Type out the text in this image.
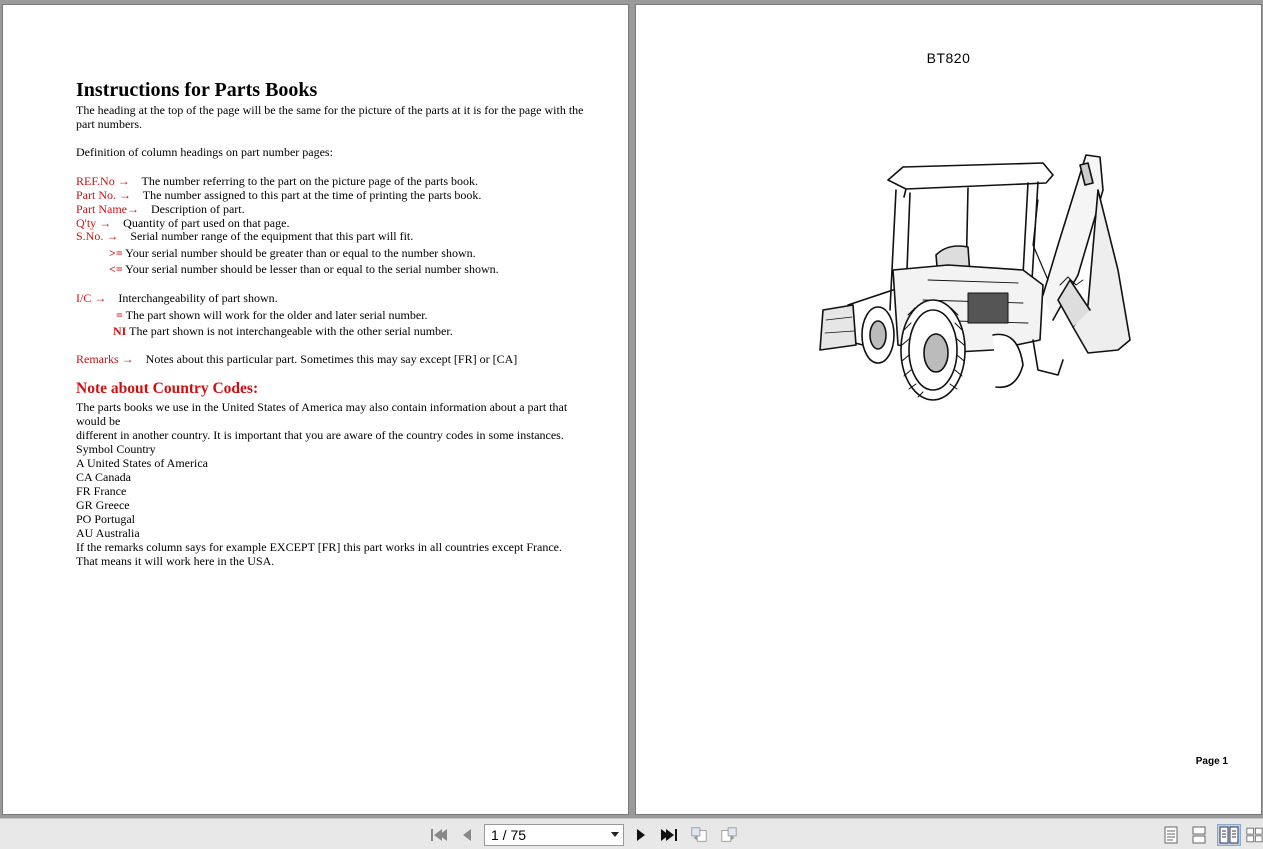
Instructions for Parts Books
The heading at the top of the page will be the same for the picture of the parts at it is for the page with the part numbers.
Definition of column headings on part number pages:
REF.No → The number referring to the part on the picture page of the parts book.
Part No. → The number assigned to this part at the time of printing the parts book.
Part Name→ Description of part.
Q'ty → Quantity of part used on that page.
S.No. → Serial number range of the equipment that this part will fit.
>= Your serial number should be greater than or equal to the number shown.
<= Your serial number should be lesser than or equal to the serial number shown.
I/C → Interchangeability of part shown.
= The part shown will work for the older and later serial number.
NI The part shown is not interchangeable with the other serial number.
Remarks → Notes about this particular part. Sometimes this may say except [FR] or [CA]
Note about Country Codes:
The parts books we use in the United States of America may also contain information about a part that would be
different in another country. It is important that you are aware of the country codes in some instances.
Symbol Country
A United States of America
CA Canada
FR France
GR Greece
PO Portugal
AU Australia
If the remarks column says for example EXCEPT [FR] this part works in all countries except France.
That means it will work here in the USA.
BT820
Page 1
1 / 75
